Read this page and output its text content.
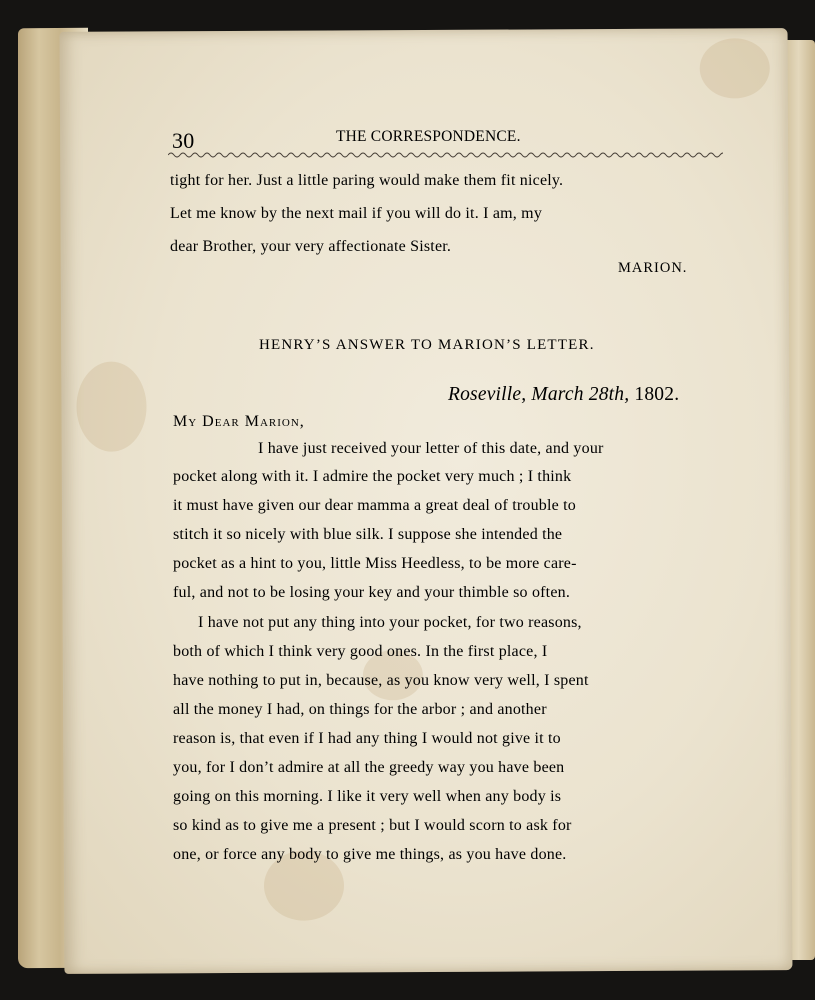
30	THE CORRESPONDENCE.
tight for her. Just a little paring would make them fit nicely.
Let me know by the next mail if you will do it. I am, my
dear Brother, your very affectionate Sister.
MARION.
HENRY’S ANSWER TO MARION’S LETTER.
Roseville, March 28th, 1802.
My Dear Marion,
I have just received your letter of this date, and your
pocket along with it. I admire the pocket very much ; I think
it must have given our dear mamma a great deal of trouble to
stitch it so nicely with blue silk. I suppose she intended the
pocket as a hint to you, little Miss Heedless, to be more care-
ful, and not to be losing your key and your thimble so often.
I have not put any thing into your pocket, for two reasons,
both of which I think very good ones. In the first place, I
have nothing to put in, because, as you know very well, I spent
all the money I had, on things for the arbor ; and another
reason is, that even if I had any thing I would not give it to
you, for I don’t admire at all the greedy way you have been
going on this morning. I like it very well when any body is
so kind as to give me a present ; but I would scorn to ask for
one, or force any body to give me things, as you have done.
